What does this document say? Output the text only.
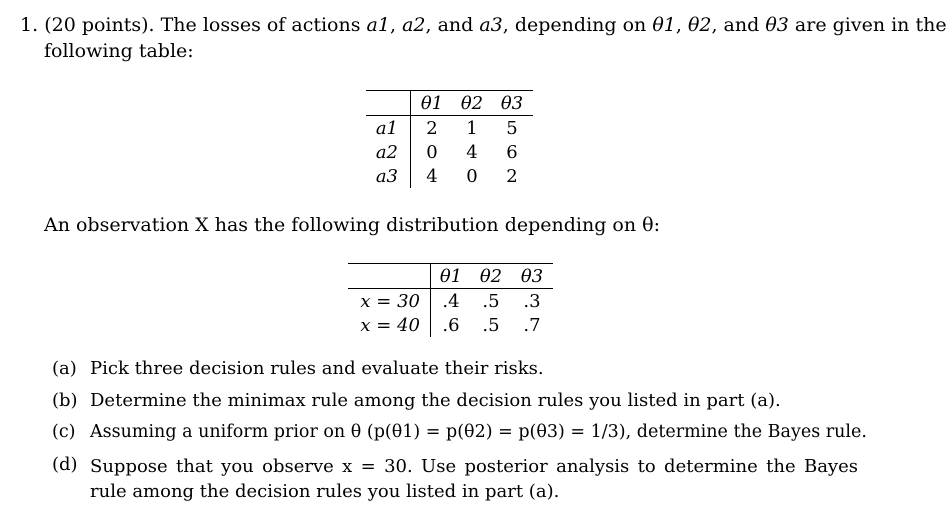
1. (20 points). The losses of actions a1, a2, and a3, depending on θ1, θ2, and θ3 are given in the
following table:
	θ1	θ2	θ3
a1	2	1	5
a2	0	4	6
a3	4	0	2
An observation X has the following distribution depending on θ:
	θ1	θ2	θ3
x = 30	.4	.5	.3
x = 40	.6	.5	.7
(a) Pick three decision rules and evaluate their risks.
(b) Determine the minimax rule among the decision rules you listed in part (a).
(c) Assuming a uniform prior on θ (p(θ1) = p(θ2) = p(θ3) = 1/3), determine the Bayes rule.
(d) Suppose that you observe x = 30. Use posterior analysis to determine the Bayes rule among the decision rules you listed in part (a).
